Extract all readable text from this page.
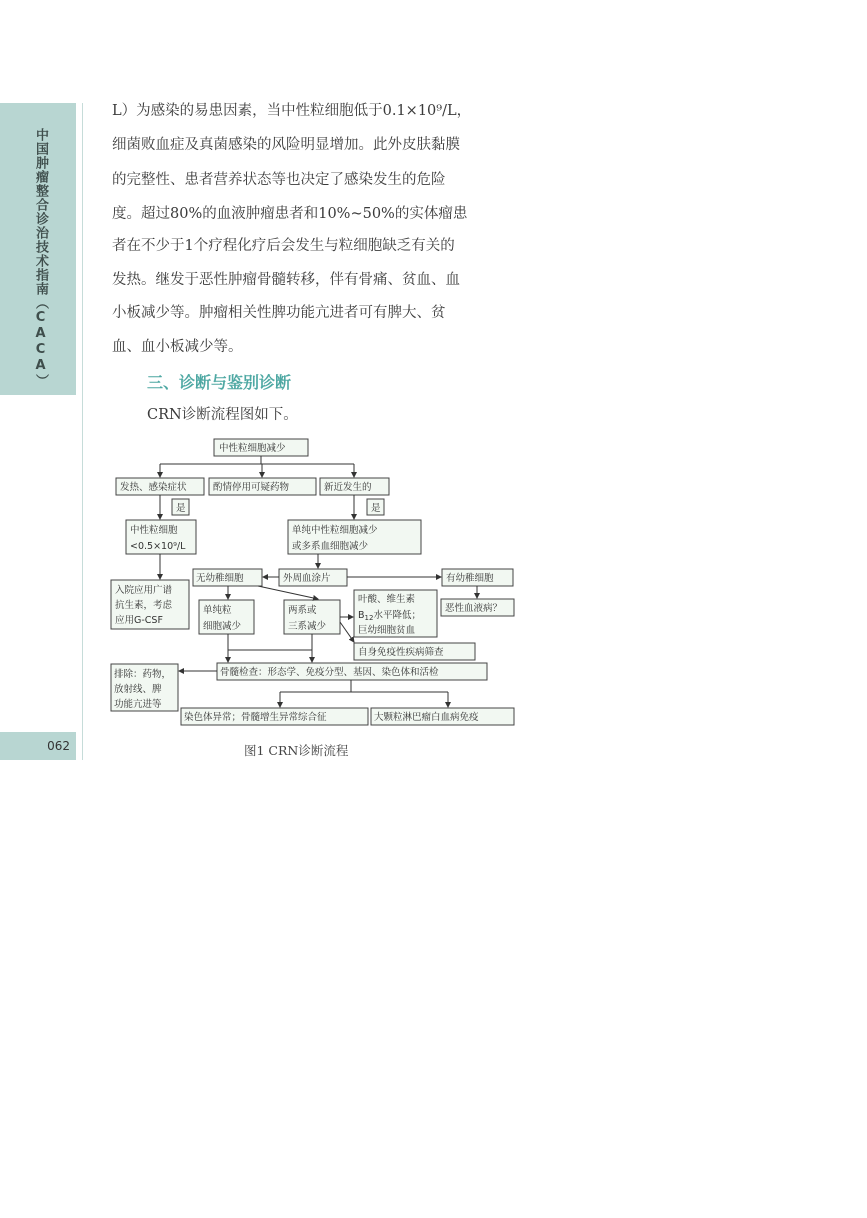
中国肿瘤整合诊治技术指南（CACA）
062
L）为感染的易患因素，当中性粒细胞低于0.1×10⁹/L，
细菌败血症及真菌感染的风险明显增加。此外皮肤黏膜
的完整性、患者营养状态等也决定了感染发生的危险
度。超过80%的血液肿瘤患者和10%~50%的实体瘤患
者在不少于1个疗程化疗后会发生与粒细胞缺乏有关的
发热。继发于恶性肿瘤骨髓转移，伴有骨痛、贫血、血
小板减少等。肿瘤相关性脾功能亢进者可有脾大、贫
血、血小板减少等。
三、诊断与鉴别诊断
CRN诊断流程图如下。
中性粒细胞减少
发热、感染症状	酌情停用可疑药物	新近发生的
是	是
中性粒细胞
<0.5×10⁹/L
单纯中性粒细胞减少
或多系血细胞减少
入院应用广谱
抗生素，考虑
应用G-CSF
无幼稚细胞	外周血涂片	有幼稚细胞
恶性血液病？
单纯粒
细胞减少
两系或
三系减少
叶酸、维生素
$B_{12}$水平降低；
巨幼细胞贫血
自身免疫性疾病筛查
排除：药物，
放射线、脾
功能亢进等
骨髓检查：形态学、免疫分型、基因、染色体和活检
染色体异常；骨髓增生异常综合征	大颗粒淋巴瘤白血病免疫
图1 CRN诊断流程
